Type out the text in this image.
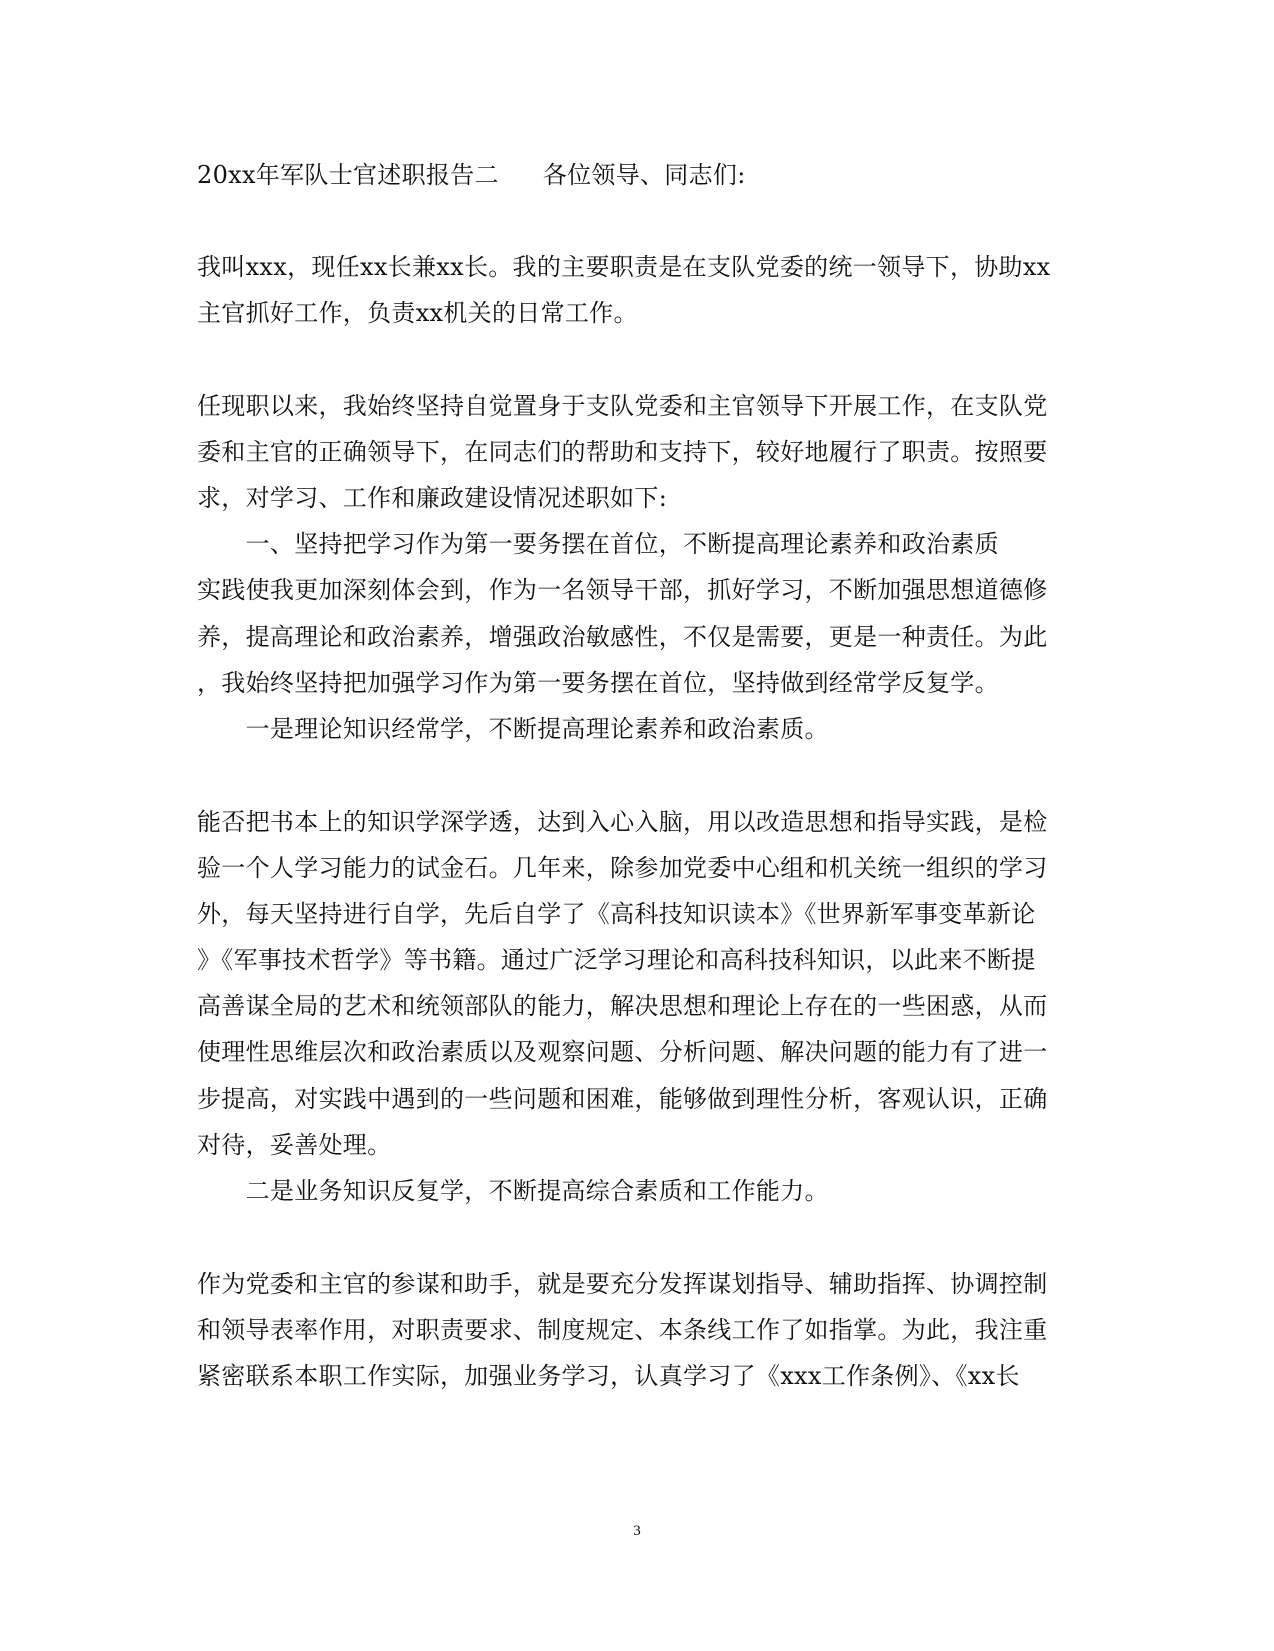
20xx年军队士官述职报告二 各位领导、同志们:
我叫xxx，现任xx长兼xx长。我的主要职责是在支队党委的统一领导下，协助xx
主官抓好工作，负责xx机关的日常工作。
任现职以来，我始终坚持自觉置身于支队党委和主官领导下开展工作，在支队党
委和主官的正确领导下，在同志们的帮助和支持下，较好地履行了职责。按照要
求，对学习、工作和廉政建设情况述职如下:
　　一、坚持把学习作为第一要务摆在首位，不断提高理论素养和政治素质
实践使我更加深刻体会到，作为一名领导干部，抓好学习，不断加强思想道德修
养，提高理论和政治素养，增强政治敏感性，不仅是需要，更是一种责任。为此
，我始终坚持把加强学习作为第一要务摆在首位，坚持做到经常学反复学。
　　一是理论知识经常学，不断提高理论素养和政治素质。
能否把书本上的知识学深学透，达到入心入脑，用以改造思想和指导实践，是检
验一个人学习能力的试金石。几年来，除参加党委中心组和机关统一组织的学习
外，每天坚持进行自学，先后自学了《高科技知识读本》《世界新军事变革新论
》《军事技术哲学》等书籍。通过广泛学习理论和高科技科知识，以此来不断提
高善谋全局的艺术和统领部队的能力，解决思想和理论上存在的一些困惑，从而
使理性思维层次和政治素质以及观察问题、分析问题、解决问题的能力有了进一
步提高，对实践中遇到的一些问题和困难，能够做到理性分析，客观认识，正确
对待，妥善处理。
　　二是业务知识反复学，不断提高综合素质和工作能力。
作为党委和主官的参谋和助手，就是要充分发挥谋划指导、辅助指挥、协调控制
和领导表率作用，对职责要求、制度规定、本条线工作了如指掌。为此，我注重
紧密联系本职工作实际，加强业务学习，认真学习了《xxx工作条例》、《xx长
3
